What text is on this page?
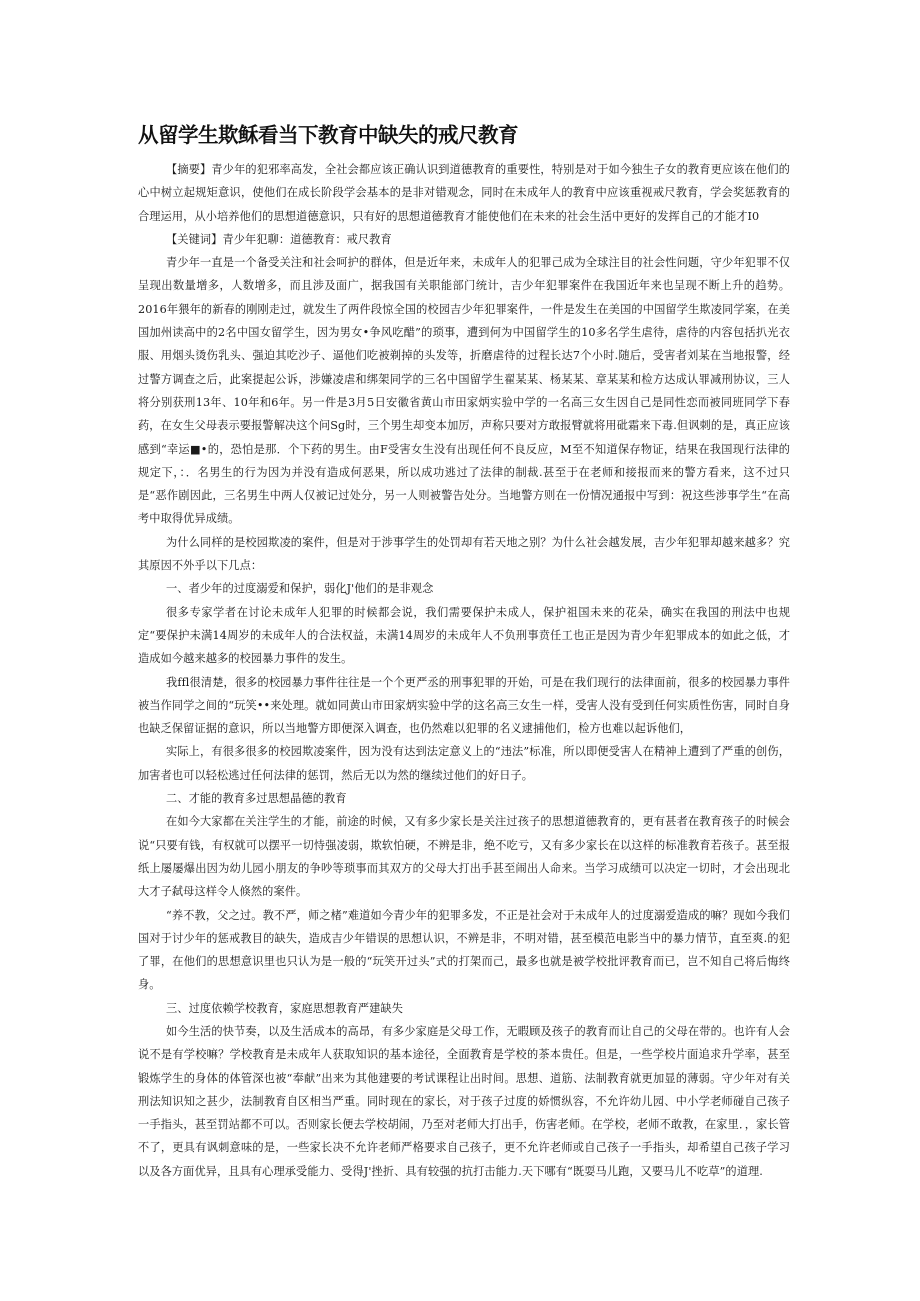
从留学生欺稣看当下教育中缺失的戒尺教育

【摘要】青少年的犯邪率高发，全社会都应该正确认识到道德教育的重要性，特别是对于如今独生子女的教育更应该在他们的心中树立起规矩意识，使他们在成长阶段学会基本的是非对错观念，同时在未成年人的教育中应该重视戒尺教育，学会奖惩教育的合理运用，从小培养他们的思想道德意识，只有好的思想道德教育才能使他们在未来的社会生活中更好的发挥自己的才能才Ⅰ0

【关键词】青少年犯聊：道德教育：戒尺教育

青少年一直是一个备受关注和社会呵护的群体，但是近年来，未成年人的犯罪己成为全球注目的社会性问题，守少年犯罪不仅呈现出数量增多，人数增多，而且涉及面广，据我国有关职能部门统计，吉少年犯罪案件在我国近年来也呈现不断上升的趋势。2016年猥年的新春的刚刚走过，就发生了两件段惊全国的校园吉少年犯罪案件，一件是发生在美国的中国留学生欺凌同学案，在美国加州读高中的2名中国女留学生，因为男女•争风吃醋”的琐事，遭到何为中国留学生的10多名学生虐待，虐待的内容包括扒光衣服、用烟头烫伤乳头、强迫其吃沙子、逼他们吃被剃掉的头发等，折磨虐待的过程长达7个小时.随后，受害者刘某在当地报警，经过警方调查之后，此案提起公诉，涉嫌凌虐和绑架同学的三名中国留学生翟某某、杨某某、章某某和检方达成认罪减刑协议，三人将分别获刑13年、10年和6年。另一件是3月5日安徽省黄山市田家炳实验中学的一名高三女生因自己是同性恋而被同班同学下春药，在女生父母表示要报警解决这个问Sg时，三个男生却变本加厉，声称只要对方敢报臂就将用砒霜来下毒.但讽刺的是，真正应该感到“幸运■•的，恐怕是那．个下药的男生。由F受害女生没有出现任何不良反应，M至不知道保存物证，结果在我国现行法律的规定下，：．名男生的行为因为并没有造成何恶果，所以成功逃过了法律的制裁.甚至于在老师和接报而来的警方看来，这不过只是“恶作剧因此，三名男生中两人仅被记过处分，另一人则被警告处分。当地警方则在一份情况通报中写到：祝这些涉事学生“在高考中取得优异成绩。

为什么同样的是校园欺凌的案件，但是对于涉事学生的处罚却有若天地之别？为什么社会越发展，吉少年犯罪却越来越多？究其原因不外乎以下几点：

一、者少年的过度溺爱和保护，弱化J'他们的是非观念

很多专家学者在讨论未成年人犯罪的时候都会说，我们需要保护未成人，保护祖国未来的花朵，确实在我国的刑法中也规定“要保护未满14周岁的未成年人的合法权益，未满14周岁的未成年人不负刑事贲任工也正是因为青少年犯罪成本的如此之低，才造成如今越来越多的校园暴力事件的发生。

我ffl很清楚，很多的校园暴力事件往往是一个个更严丞的刑事犯罪的开始，可是在我们现行的法律面前，很多的校园暴力事件被当作同学之间的“玩笑••来处理。就如同黄山市田家炳实验中学的这名高三女生一样，受害人没有受到任何实质性伤害，同时自身也缺乏保留证据的意识，所以当地警方即便深入调查，也仍然难以犯罪的名义逮捕他们，检方也难以起诉他们，

实际上，有很多很多的校园欺凌案件，因为没有达到法定意义上的“违法”标准，所以即便受害人在精神上遭到了严重的创伤，加害者也可以轻松逃过任何法律的惩罚，然后无以为然的继续过他们的好日子。

二、才能的教育多过思想晶德的教育

在如今大家都在关注学生的才能，前途的时候，又有多少家长是关注过孩子的思想道德教育的，更有甚者在教育孩子的时候会说“只要有钱，有权就可以摆平一切恃强凌弱，欺软怕硬，不辨是非，绝不吃亏，又有多少家长在以这样的标准教育若孩子。甚至报纸上屡屡爆出因为幼儿园小朋友的争吵等琐事而其双方的父母大打出手甚至闹出人命来。当学习成绩可以决定一切时，才会出现北大才子弑母这样令人倏然的案件。

“养不教，父之过。教不严，师之楮”难道如今青少年的犯罪多发，不正是社会对于未成年人的过度溺爱造成的嘛？现如今我们国对于讨少年的惩戒教目的缺失，造成吉少年错误的思想认识，不辨是非，不明对错，甚至模范电影当中的暴力情节，直至爽.的犯了罪，在他们的思想意识里也只认为是一般的“玩笑开过头”式的打架而己，最多也就是被学校批评教育而已，岂不知自己将后悔终身。

三、过度依赖学校教育，家庭思想教育严建缺失

如今生活的快节奏，以及生活成本的高昂，有多少家庭是父母工作，无暇顾及孩子的教育而让自己的父母在带的。也许有人会说不是有学校嘛？学校教育是未成年人获取知识的基本途径，全面教育是学校的茶本贵任。但是，一些学校片面追求升学率，甚至锻炼学生的身体的体管深也被“奉献”出来为其他建要的考试课程让出时间。思想、道筋、法制教育就更加显的薄弱。守少年对有关刑法知识知之甚少，法制教育自区相当严重。同时现在的家长，对于孩子过度的娇惯纵容，不允许幼儿园、中小学老师碰自己孩子一手指头，甚至罚站都不可以。否则家长便去学校胡闹，乃至对老师大打出手，伤害老师。在学校，老师不敢教，在家里．，家长管不了，更具有讽刺意味的是，一些家长决不允许老师严格要求自己孩子，更不允许老师或自己孩子一手指头，却希望自己孩子学习以及各方面优异，且具有心理承受能力、受得J'挫折、具有较强的抗打击能力.天下哪有“既耍马儿跑，又要马儿不吃草”的道理.
